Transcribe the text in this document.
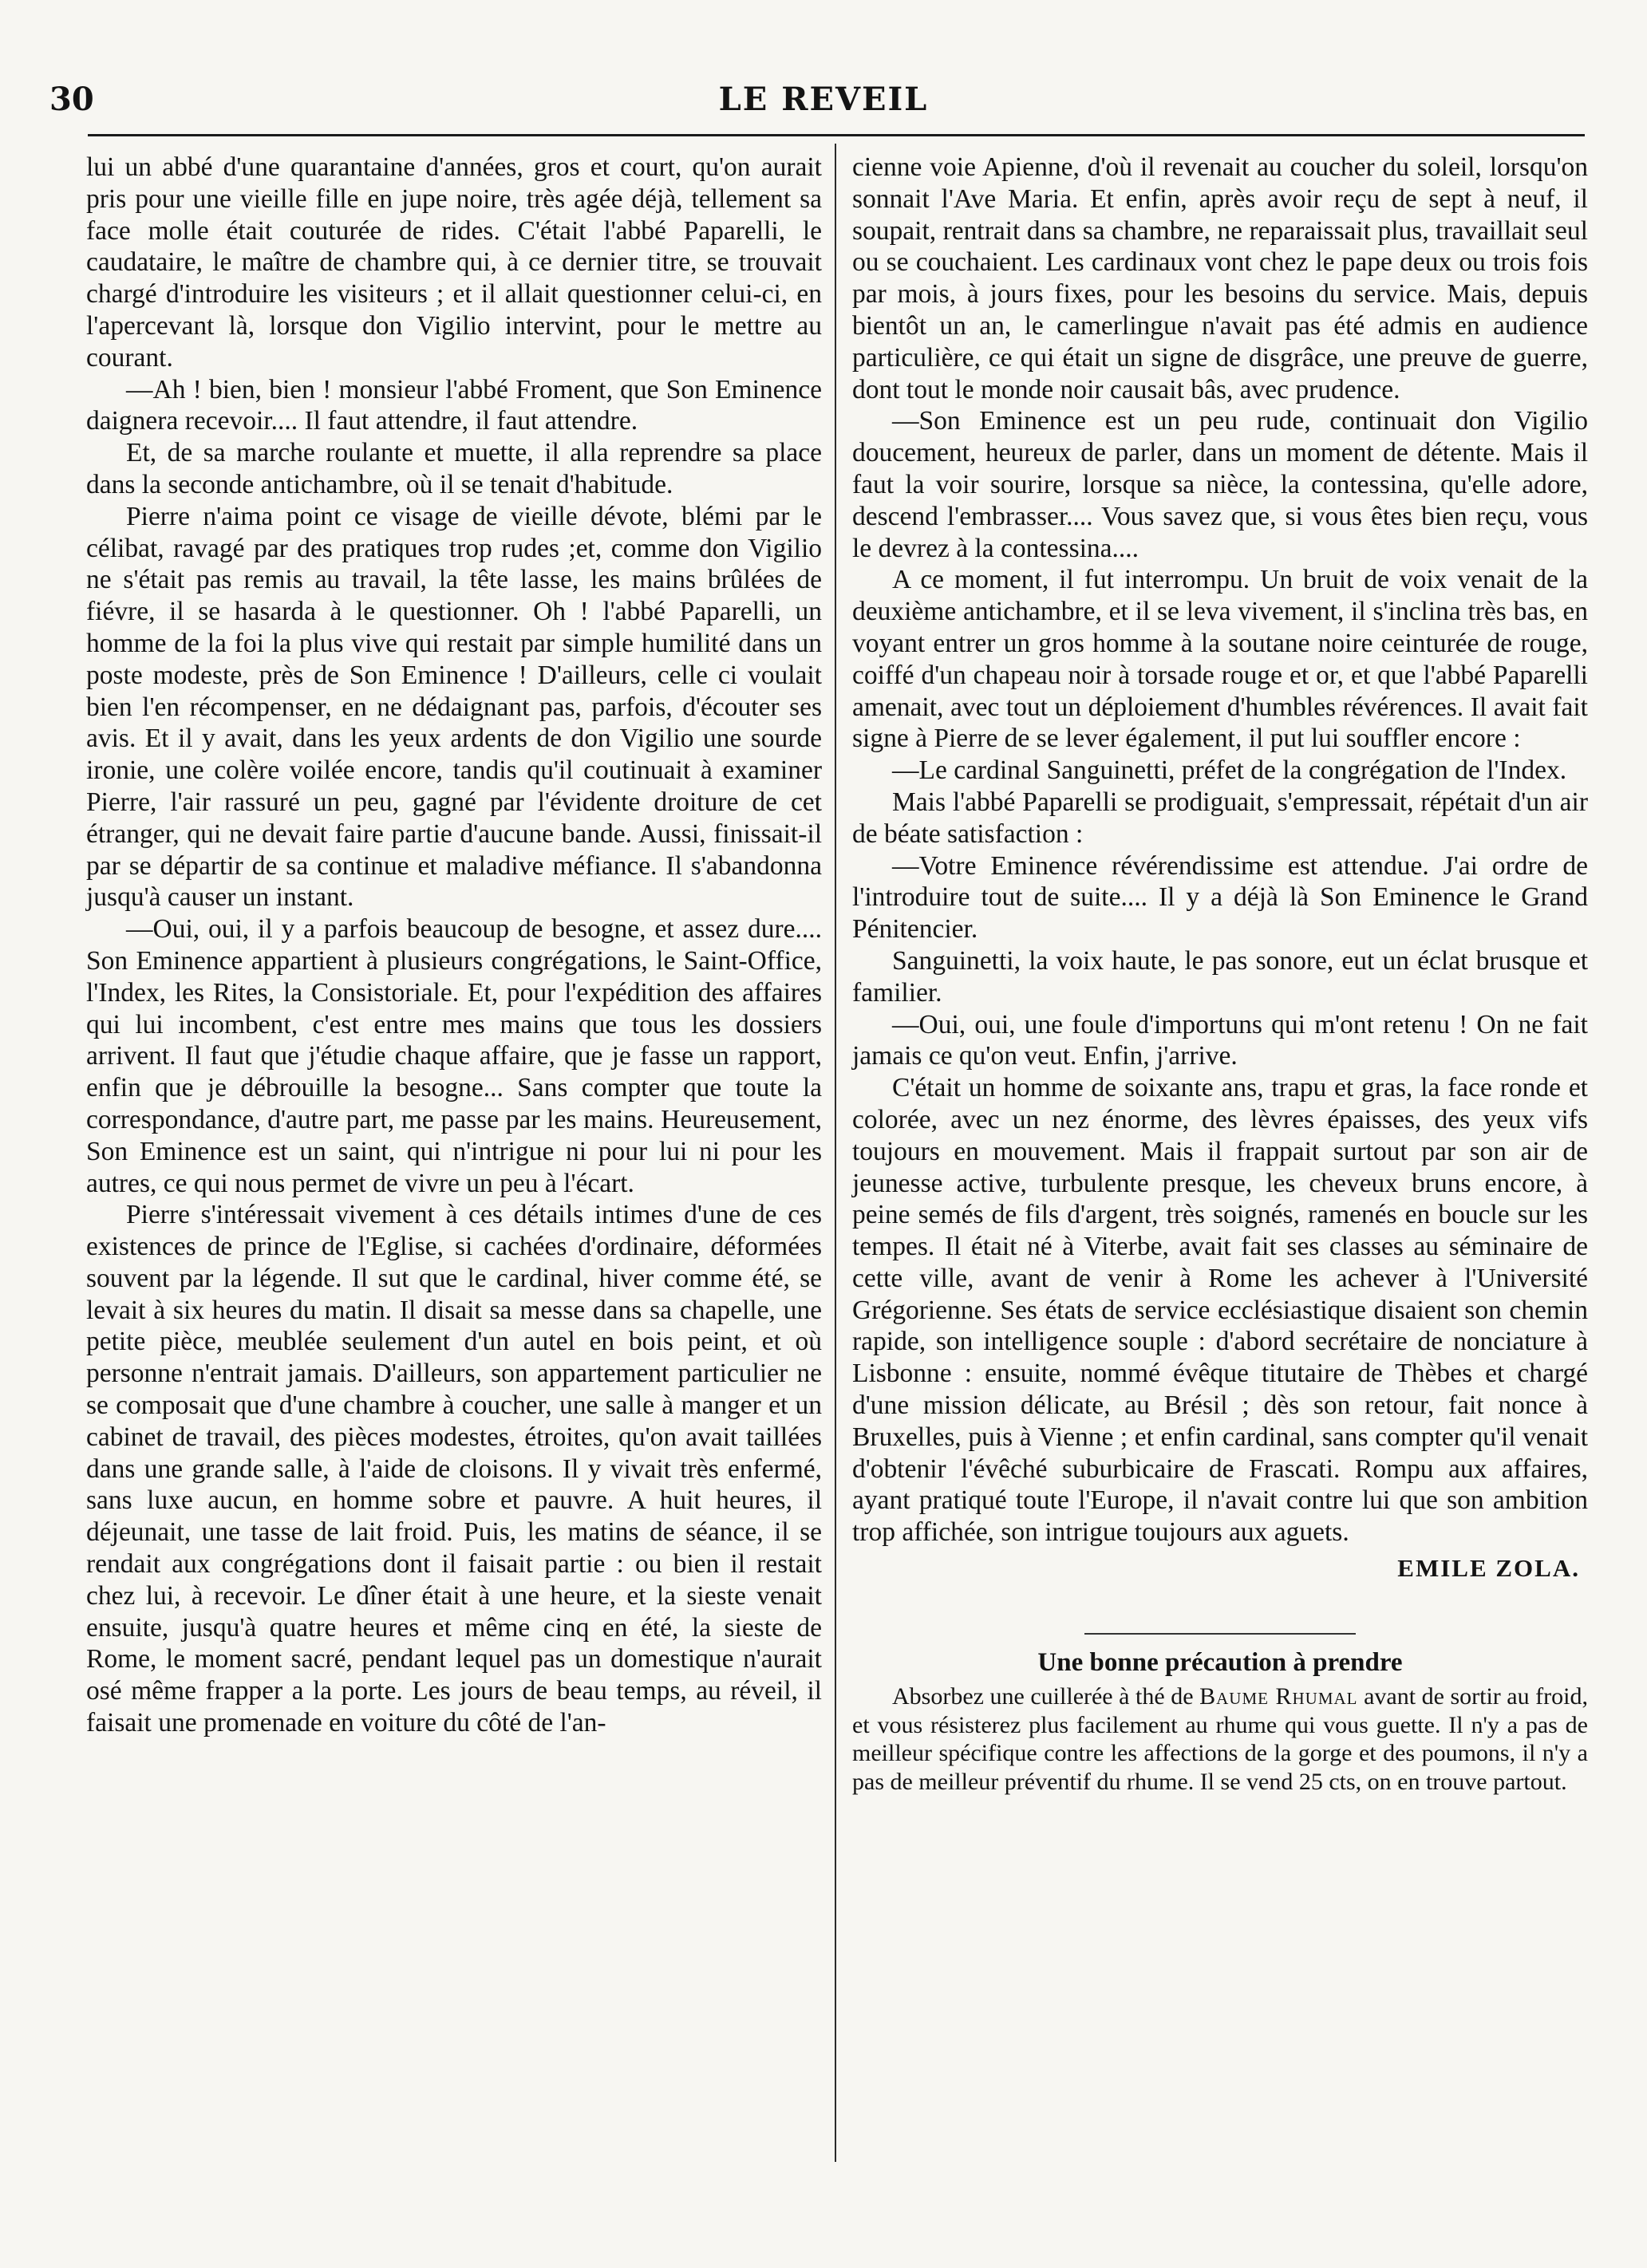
30	LE REVEIL

lui un abbé d'une quarantaine d'années, gros et court, qu'on aurait pris pour une vieille fille en jupe noire, très agée déjà, tellement sa face molle était couturée de rides. C'était l'abbé Paparelli, le caudataire, le maître de chambre qui, à ce dernier titre, se trouvait chargé d'introduire les visiteurs ; et il allait questionner celui-ci, en l'apercevant là, lorsque don Vigilio intervint, pour le mettre au courant.

—Ah ! bien, bien ! monsieur l'abbé Froment, que Son Eminence daignera recevoir.... Il faut attendre, il faut attendre.

Et, de sa marche roulante et muette, il alla reprendre sa place dans la seconde antichambre, où il se tenait d'habitude.

Pierre n'aima point ce visage de vieille dévote, blémi par le célibat, ravagé par des pratiques trop rudes ;et, comme don Vigilio ne s'était pas remis au travail, la tête lasse, les mains brûlées de fiévre, il se hasarda à le questionner. Oh ! l'abbé Paparelli, un homme de la foi la plus vive qui restait par simple humilité dans un poste modeste, près de Son Eminence ! D'ailleurs, celle ci voulait bien l'en récompenser, en ne dédaignant pas, parfois, d'écouter ses avis. Et il y avait, dans les yeux ardents de don Vigilio une sourde ironie, une colère voilée encore, tandis qu'il coutinuait à examiner Pierre, l'air rassuré un peu, gagné par l'évidente droiture de cet étranger, qui ne devait faire partie d'aucune bande. Aussi, finissait-il par se départir de sa continue et maladive méfiance. Il s'abandonna jusqu'à causer un instant.

—Oui, oui, il y a parfois beaucoup de besogne, et assez dure.... Son Eminence appartient à plusieurs congrégations, le Saint-Office, l'Index, les Rites, la Consistoriale. Et, pour l'expédition des affaires qui lui incombent, c'est entre mes mains que tous les dossiers arrivent. Il faut que j'étudie chaque affaire, que je fasse un rapport, enfin que je débrouille la besogne... Sans compter que toute la correspondance, d'autre part, me passe par les mains. Heureusement, Son Eminence est un saint, qui n'intrigue ni pour lui ni pour les autres, ce qui nous permet de vivre un peu à l'écart.

Pierre s'intéressait vivement à ces détails intimes d'une de ces existences de prince de l'Eglise, si cachées d'ordinaire, déformées souvent par la légende. Il sut que le cardinal, hiver comme été, se levait à six heures du matin. Il disait sa messe dans sa chapelle, une petite pièce, meublée seulement d'un autel en bois peint, et où personne n'entrait jamais. D'ailleurs, son appartement particulier ne se composait que d'une chambre à coucher, une salle à manger et un cabinet de travail, des pièces modestes, étroites, qu'on avait taillées dans une grande salle, à l'aide de cloisons. Il y vivait très enfermé, sans luxe aucun, en homme sobre et pauvre. A huit heures, il déjeunait, une tasse de lait froid. Puis, les matins de séance, il se rendait aux congrégations dont il faisait partie : ou bien il restait chez lui, à recevoir. Le dîner était à une heure, et la sieste venait ensuite, jusqu'à quatre heures et même cinq en été, la sieste de Rome, le moment sacré, pendant lequel pas un domestique n'aurait osé même frapper a la porte. Les jours de beau temps, au réveil, il faisait une promenade en voiture du côté de l'an-

cienne voie Apienne, d'où il revenait au coucher du soleil, lorsqu'on sonnait l'Ave Maria. Et enfin, après avoir reçu de sept à neuf, il soupait, rentrait dans sa chambre, ne reparaissait plus, travaillait seul ou se couchaient. Les cardinaux vont chez le pape deux ou trois fois par mois, à jours fixes, pour les besoins du service. Mais, depuis bientôt un an, le camerlingue n'avait pas été admis en audience particulière, ce qui était un signe de disgrâce, une preuve de guerre, dont tout le monde noir causait bâs, avec prudence.

—Son Eminence est un peu rude, continuait don Vigilio doucement, heureux de parler, dans un moment de détente. Mais il faut la voir sourire, lorsque sa nièce, la contessina, qu'elle adore, descend l'embrasser.... Vous savez que, si vous êtes bien reçu, vous le devrez à la contessina....

A ce moment, il fut interrompu. Un bruit de voix venait de la deuxième antichambre, et il se leva vivement, il s'inclina très bas, en voyant entrer un gros homme à la soutane noire ceinturée de rouge, coiffé d'un chapeau noir à torsade rouge et or, et que l'abbé Paparelli amenait, avec tout un déploiement d'humbles révérences. Il avait fait signe à Pierre de se lever également, il put lui souffler encore :

—Le cardinal Sanguinetti, préfet de la congrégation de l'Index.

Mais l'abbé Paparelli se prodiguait, s'empressait, répétait d'un air de béate satisfaction :

—Votre Eminence révérendissime est attendue. J'ai ordre de l'introduire tout de suite.... Il y a déjà là Son Eminence le Grand Pénitencier.

Sanguinetti, la voix haute, le pas sonore, eut un éclat brusque et familier.

—Oui, oui, une foule d'importuns qui m'ont retenu ! On ne fait jamais ce qu'on veut. Enfin, j'arrive.

C'était un homme de soixante ans, trapu et gras, la face ronde et colorée, avec un nez énorme, des lèvres épaisses, des yeux vifs toujours en mouvement. Mais il frappait surtout par son air de jeunesse active, turbulente presque, les cheveux bruns encore, à peine semés de fils d'argent, très soignés, ramenés en boucle sur les tempes. Il était né à Viterbe, avait fait ses classes au séminaire de cette ville, avant de venir à Rome les achever à l'Université Grégorienne. Ses états de service ecclésiastique disaient son chemin rapide, son intelligence souple : d'abord secrétaire de nonciature à Lisbonne : ensuite, nommé évêque titutaire de Thèbes et chargé d'une mission délicate, au Brésil ; dès son retour, fait nonce à Bruxelles, puis à Vienne ; et enfin cardinal, sans compter qu'il venait d'obtenir l'évêché suburbicaire de Frascati. Rompu aux affaires, ayant pratiqué toute l'Europe, il n'avait contre lui que son ambition trop affichée, son intrigue toujours aux aguets.

EMILE ZOLA.
Une bonne précaution à prendre

Absorbez une cuillerée à thé de Baume Rhumal avant de sortir au froid, et vous résisterez plus facilement au rhume qui vous guette. Il n'y a pas de meilleur spécifique contre les affections de la gorge et des poumons, il n'y a pas de meilleur préventif du rhume. Il se vend 25 cts, on en trouve partout.
